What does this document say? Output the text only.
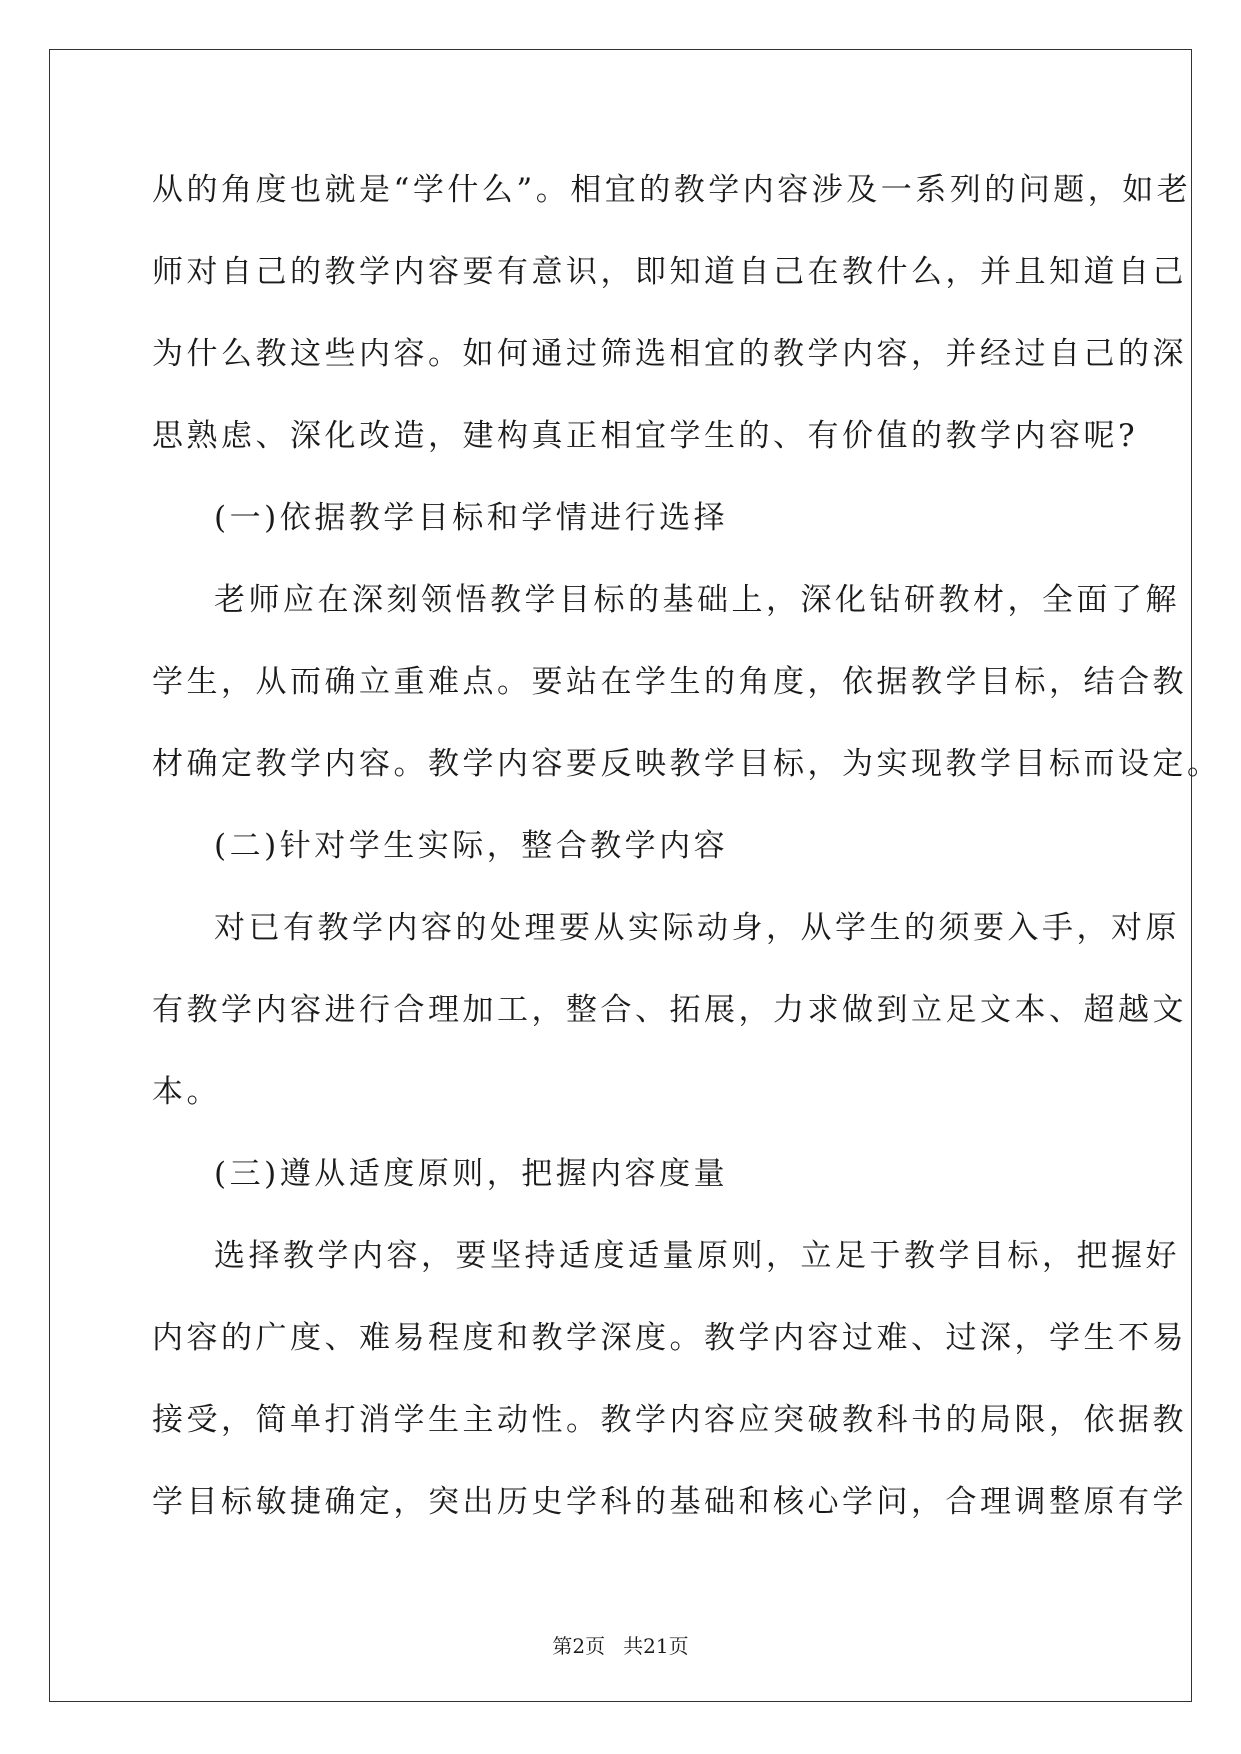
从的角度也就是“学什么”。相宜的教学内容涉及一系列的问题，如老
师对自己的教学内容要有意识，即知道自己在教什么，并且知道自己
为什么教这些内容。如何通过筛选相宜的教学内容，并经过自己的深
思熟虑、深化改造，建构真正相宜学生的、有价值的教学内容呢?
(一)依据教学目标和学情进行选择
老师应在深刻领悟教学目标的基础上，深化钻研教材，全面了解
学生，从而确立重难点。要站在学生的角度，依据教学目标，结合教
材确定教学内容。教学内容要反映教学目标，为实现教学目标而设定。
(二)针对学生实际，整合教学内容
对已有教学内容的处理要从实际动身，从学生的须要入手，对原
有教学内容进行合理加工，整合、拓展，力求做到立足文本、超越文
本。
(三)遵从适度原则，把握内容度量
选择教学内容，要坚持适度适量原则，立足于教学目标，把握好
内容的广度、难易程度和教学深度。教学内容过难、过深，学生不易
接受，简单打消学生主动性。教学内容应突破教科书的局限，依据教
学目标敏捷确定，突出历史学科的基础和核心学问，合理调整原有学
第2页 共21页
